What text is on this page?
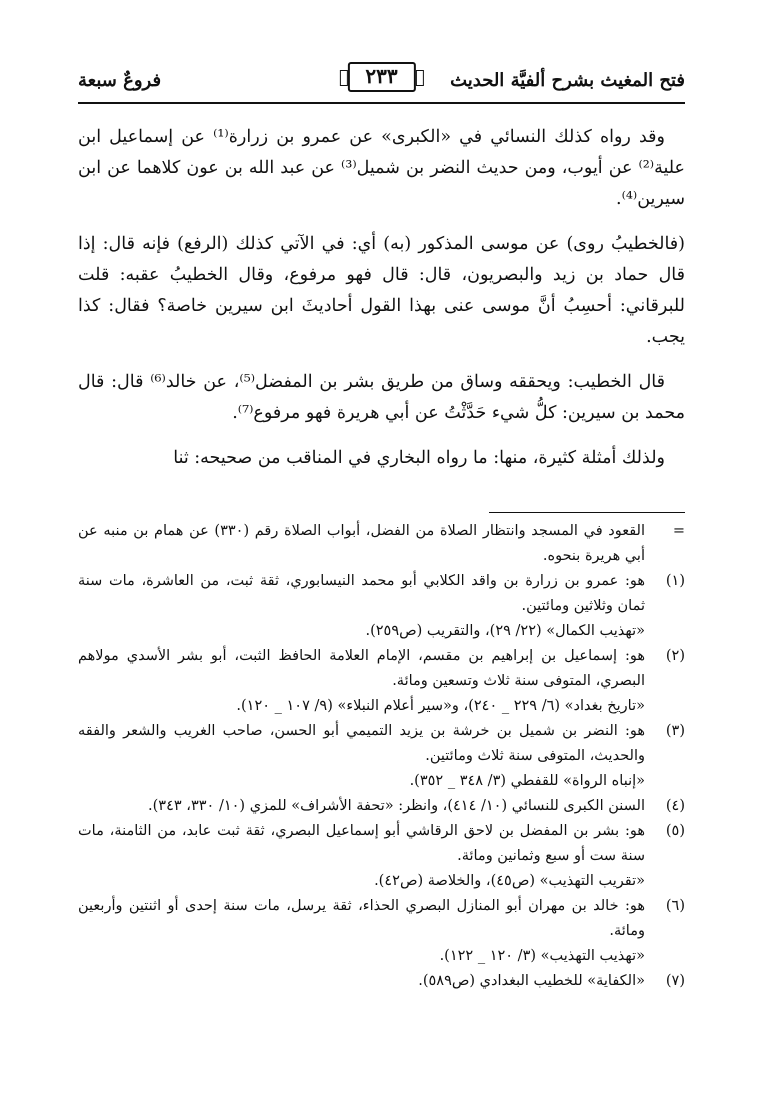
فتح المغيث بشرح ألفيَّة الحديث
٢٣٣
فروعٌ سبعة

وقد رواه كذلك النسائي في «الكبرى» عن عمرو بن زرارة⁽¹⁾ عن إسماعيل ابن علية⁽²⁾ عن أيوب، ومن حديث النضر بن شميل⁽³⁾ عن عبد الله بن عون كلاهما عن ابن سيرين⁽⁴⁾.

(فالخطيبُ روى) عن موسى المذكور (به) أي: في الآتي كذلك (الرفع) فإنه قال: إذا قال حماد بن زيد والبصريون، قال: قال فهو مرفوع، وقال الخطيبُ عقبه: قلت للبرقاني: أحسِبُ أنَّ موسى عنى بهذا القول أحاديثَ ابن سيرين خاصة؟ فقال: كذا يجب.

قال الخطيب: ويحققه وساق من طريق بشر بن المفضل⁽⁵⁾، عن خالد⁽⁶⁾ قال: قال محمد بن سيرين: كلُّ شيء حَدَّثْتُ عن أبي هريرة فهو مرفوع⁽⁷⁾.

ولذلك أمثلة كثيرة، منها: ما رواه البخاري في المناقب من صحيحه: ثنا

=
القعود في المسجد وانتظار الصلاة من الفضل، أبواب الصلاة رقم (٣٣٠) عن همام بن منبه عن أبي هريرة بنحوه.
(١)
هو: عمرو بن زرارة بن واقد الكلابي أبو محمد النيسابوري، ثقة ثبت، من العاشرة، مات سنة ثمان وثلاثين ومائتين.
«تهذيب الكمال» (٢٢/ ٢٩)، والتقريب (ص٢٥٩).
(٢)
هو: إسماعيل بن إبراهيم بن مقسم، الإمام العلامة الحافظ الثبت، أبو بشر الأسدي مولاهم البصري، المتوفى سنة ثلاث وتسعين ومائة.
«تاريخ بغداد» (٦/ ٢٢٩ _ ٢٤٠)، و«سير أعلام النبلاء» (٩/ ١٠٧ _ ١٢٠).
(٣)
هو: النضر بن شميل بن خرشة بن يزيد التميمي أبو الحسن، صاحب الغريب والشعر والفقه والحديث، المتوفى سنة ثلاث ومائتين.
«إنباه الرواة» للقفطي (٣/ ٣٤٨ _ ٣٥٢).
(٤)
السنن الكبرى للنسائي (١٠/ ٤١٤)، وانظر: «تحفة الأشراف» للمزي (١٠/ ٣٣٠، ٣٤٣).
(٥)
هو: بشر بن المفضل بن لاحق الرقاشي أبو إسماعيل البصري، ثقة ثبت عابد، من الثامنة، مات سنة ست أو سبع وثمانين ومائة.
«تقريب التهذيب» (ص٤٥)، والخلاصة (ص٤٢).
(٦)
هو: خالد بن مهران أبو المنازل البصري الحذاء، ثقة يرسل، مات سنة إحدى أو اثنتين وأربعين ومائة.
«تهذيب التهذيب» (٣/ ١٢٠ _ ١٢٢).
(٧)
«الكفاية» للخطيب البغدادي (ص٥٨٩).
